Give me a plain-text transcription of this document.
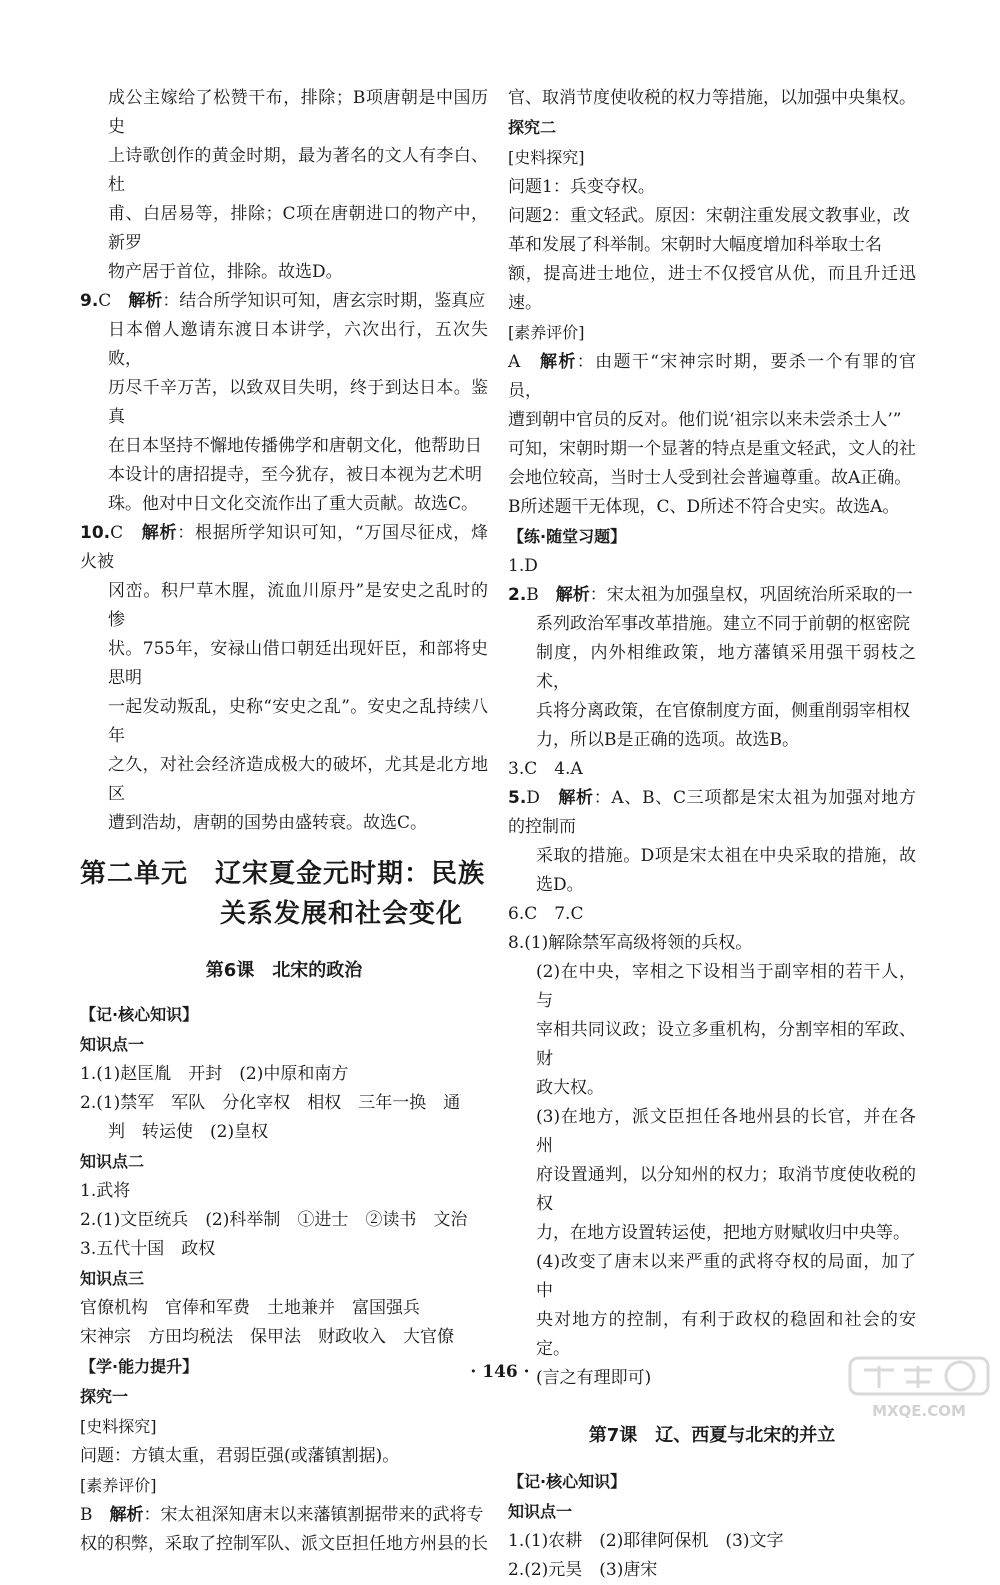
成公主嫁给了松赞干布，排除；B项唐朝是中国历史

上诗歌创作的黄金时期，最为著名的文人有李白、杜

甫、白居易等，排除；C项在唐朝进口的物产中，新罗

物产居于首位，排除。故选D。

9.C　 解析：结合所学知识可知，唐玄宗时期，鉴真应

日本僧人邀请东渡日本讲学，六次出行，五次失败，

历尽千辛万苦，以致双目失明，终于到达日本。鉴真

在日本坚持不懈地传播佛学和唐朝文化，他帮助日

本设计的唐招提寺，至今犹存，被日本视为艺术明

珠。他对中日文化交流作出了重大贡献。故选C。

10.C　 解析：根据所学知识可知，“万国尽征戍，烽火被

冈峦。积尸草木腥，流血川原丹”是安史之乱时的惨

状。755年，安禄山借口朝廷出现奸臣，和部将史思明

一起发动叛乱，史称“安史之乱”。安史之乱持续八年

之久，对社会经济造成极大的破坏，尤其是北方地区

遭到浩劫，唐朝的国势由盛转衰。故选C。

第二单元　辽宋夏金元时期：民族
关系发展和社会变化
第6课　北宋的政治

【记·核心知识】

知识点一

1.(1)赵匡胤　开封　(2)中原和南方

2.(1)禁军　军队　分化宰权　相权　三年一换　通

判　转运使　(2)皇权

知识点二

1.武将

2.(1)文臣统兵　(2)科举制　①进士　②读书　文治

3.五代十国　政权

知识点三

官僚机构　官俸和军费　土地兼并　富国强兵

宋神宗　方田均税法　保甲法　财政收入　大官僚

【学·能力提升】

探究一

[史料探究]

问题：方镇太重，君弱臣强(或藩镇割据)。

[素养评价]

B　 解析：宋太祖深知唐末以来藩镇割据带来的武将专

权的积弊，采取了控制军队、派文臣担任地方州县的长

官、取消节度使收税的权力等措施，以加强中央集权。

探究二

[史料探究]

问题1：兵变夺权。

问题2：重文轻武。原因：宋朝注重发展文教事业，改

革和发展了科举制。宋朝时大幅度增加科举取士名

额，提高进士地位，进士不仅授官从优，而且升迁迅速。

[素养评价]

A　 解析：由题干“宋神宗时期，要杀一个有罪的官员，

遭到朝中官员的反对。他们说‘祖宗以来未尝杀士人’”

可知，宋朝时期一个显著的特点是重文轻武，文人的社

会地位较高，当时士人受到社会普遍尊重。故A正确。

B所述题干无体现，C、D所述不符合史实。故选A。

【练·随堂习题】

1.D

2.B　 解析：宋太祖为加强皇权，巩固统治所采取的一

系列政治军事改革措施。建立不同于前朝的枢密院

制度，内外相维政策，地方藩镇采用强干弱枝之术，

兵将分离政策，在官僚制度方面，侧重削弱宰相权

力，所以B是正确的选项。故选B。

3.C　4.A

5.D　 解析：A、B、C三项都是宋太祖为加强对地方的控制而

采取的措施。D项是宋太祖在中央采取的措施，故选D。

6.C　7.C

8.(1)解除禁军高级将领的兵权。

(2)在中央，宰相之下设相当于副宰相的若干人，与

宰相共同议政；设立多重机构，分割宰相的军政、财

政大权。

(3)在地方，派文臣担任各地州县的长官，并在各州

府设置通判，以分知州的权力；取消节度使收税的权

力，在地方设置转运使，把地方财赋收归中央等。

(4)改变了唐末以来严重的武将夺权的局面，加了中

央对地方的控制，有利于政权的稳固和社会的安定。

(言之有理即可)

第7课　辽、西夏与北宋的并立

【记·核心知识】

知识点一

1.(1)农耕　(2)耶律阿保机　(3)文字

2.(2)元昊　(3)唐宋

· 146 ·
MXQE.COM
